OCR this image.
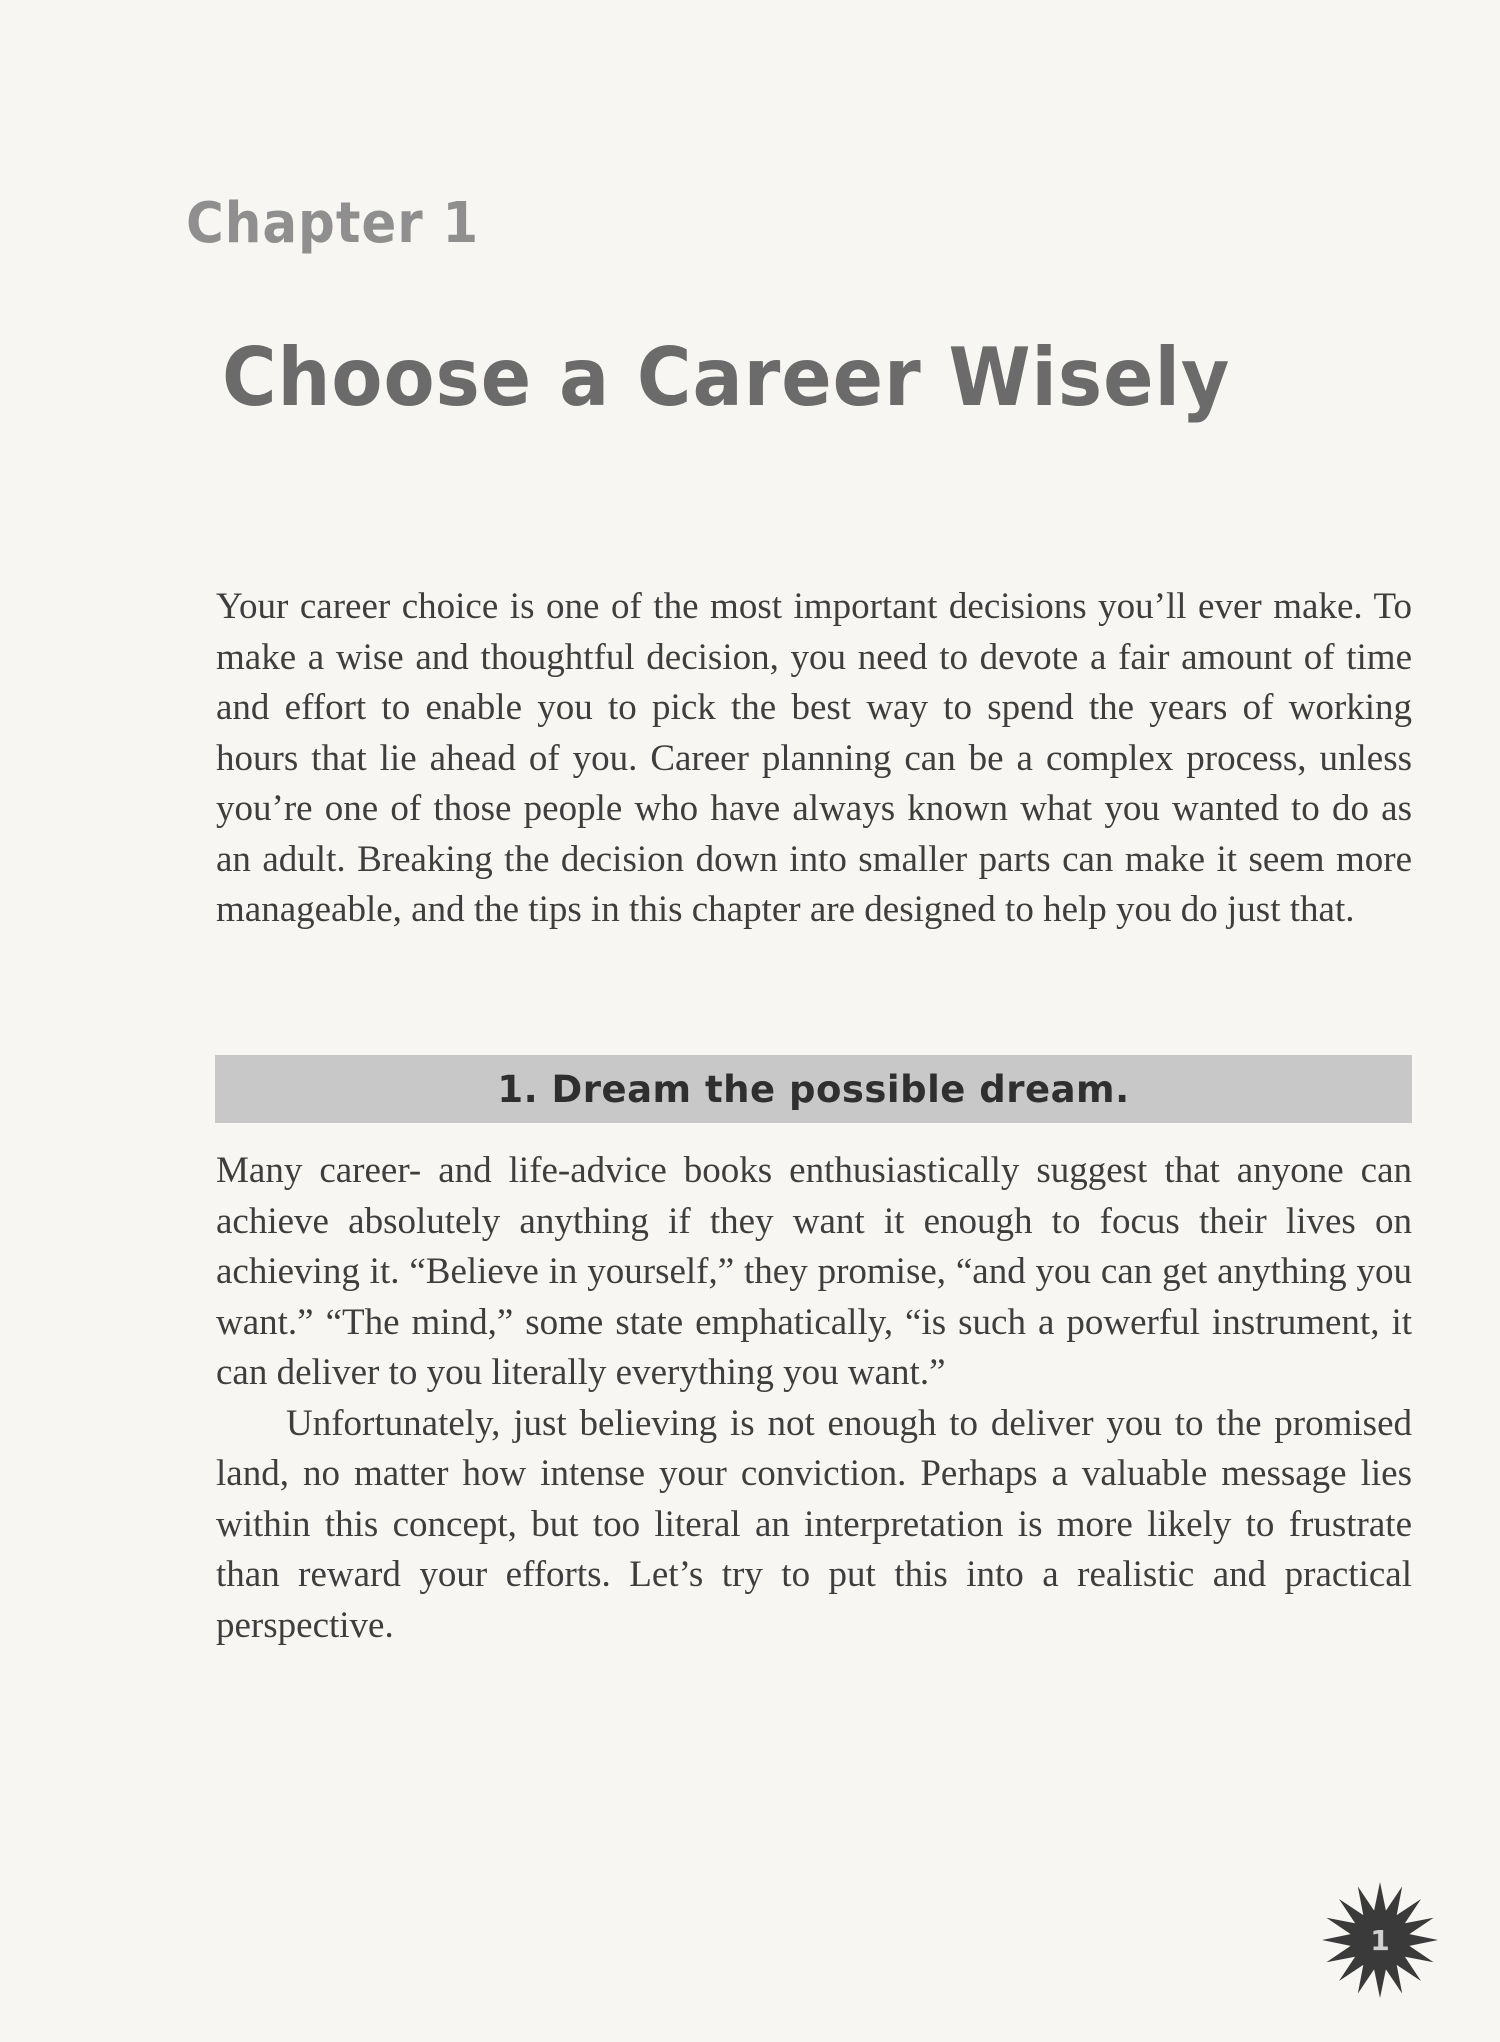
Chapter 1
Choose a Career Wisely

Your career choice is one of the most important decisions you’ll ever make. To make a wise and thoughtful decision, you need to devote a fair amount of time and effort to enable you to pick the best way to spend the years of working hours that lie ahead of you. Career planning can be a complex process, unless you’re one of those people who have always known what you wanted to do as an adult. Breaking the decision down into smaller parts can make it seem more manageable, and the tips in this chapter are designed to help you do just that.

1. Dream the possible dream.

Many career- and life-advice books enthusiastically suggest that anyone can achieve absolutely anything if they want it enough to focus their lives on achieving it. “Believe in yourself,” they promise, “and you can get anything you want.” “The mind,” some state emphatically, “is such a powerful instrument, it can deliver to you literally everything you want.”

Unfortunately, just believing is not enough to deliver you to the promised land, no matter how intense your conviction. Perhaps a valuable message lies within this concept, but too literal an interpretation is more likely to frustrate than reward your efforts. Let’s try to put this into a realistic and practical perspective.

1
